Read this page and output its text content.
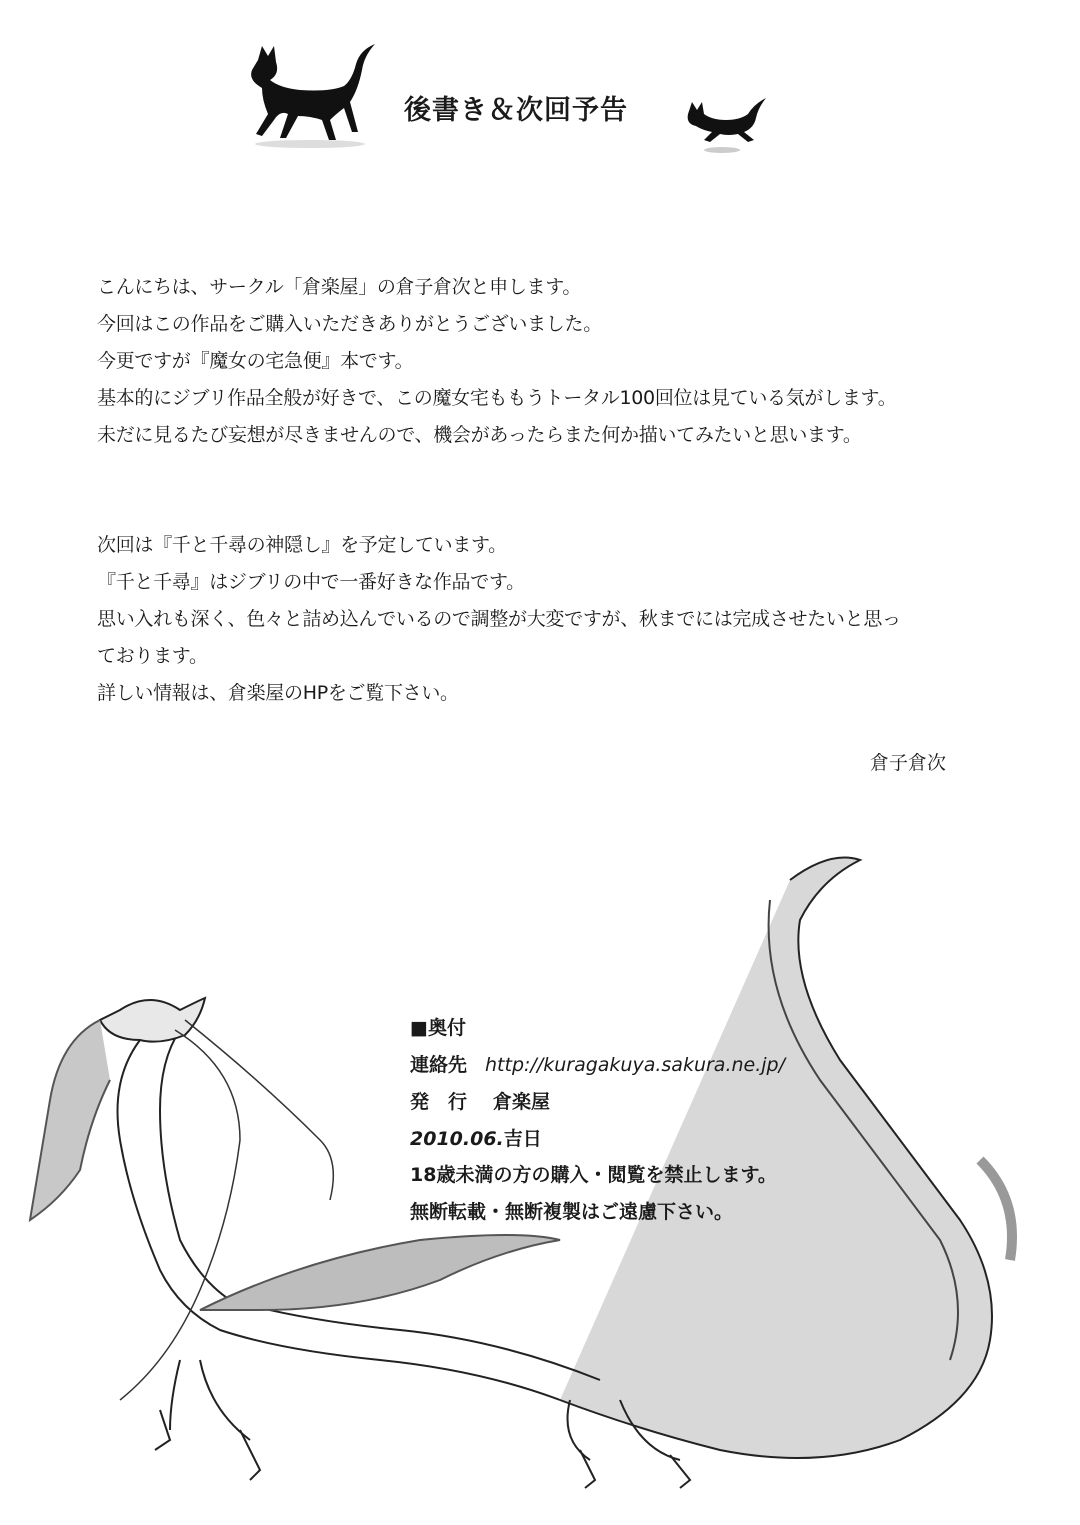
後書き＆次回予告
こんにちは、サークル「倉楽屋」の倉子倉次と申します。
今回はこの作品をご購入いただきありがとうございました。
今更ですが『魔女の宅急便』本です。
基本的にジブリ作品全般が好きで、この魔女宅ももうトータル100回位は見ている気がします。
未だに見るたび妄想が尽きませんので、機会があったらまた何か描いてみたいと思います。
次回は『千と千尋の神隠し』を予定しています。
『千と千尋』はジブリの中で一番好きな作品です。
思い入れも深く、色々と詰め込んでいるので調整が大変ですが、秋までには完成させたいと思っ
ております。
詳しい情報は、倉楽屋のHPをご覧下さい。
倉子倉次
■奥付
連絡先 http://kuragakuya.sakura.ne.jp/
発　行 倉楽屋
2010.06.吉日
18歳未満の方の購入・閲覧を禁止します。
無断転載・無断複製はご遠慮下さい。
